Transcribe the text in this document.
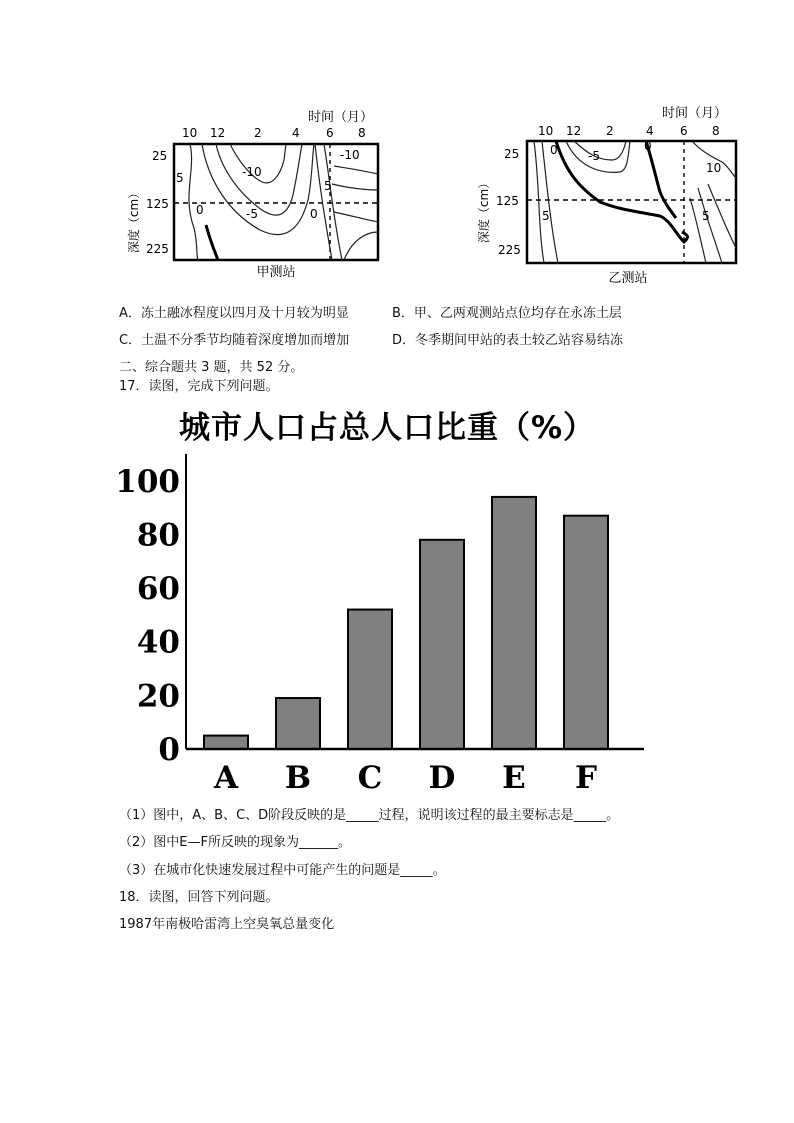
时间（月）
10 12 2	4 6 8
深度（cm）
25
125
225
-10
-10
-5
5
0	0
5
甲测站
时间（月）
10 12 2	4 6 8
深度（cm）
25
125
225
-5
0	0
10
5	5
乙测站
A．冻土融冰程度以四月及十月较为明显	B．甲、乙两观测站点位均存在永冻土层
C．土温不分季节均随着深度增加而增加	D．冬季期间甲站的表土较乙站容易结冻
二、综合题共 3 题，共 52 分。
17．读图，完成下列问题。
城市人口占总人口比重（%）
0
20
40
60
80
100
A B C D E F
（1）图中，A、B、C、D阶段反映的是_____过程，说明该过程的最主要标志是_____。
（2）图中E—F所反映的现象为______。
（3）在城市化快速发展过程中可能产生的问题是_____。
18．读图，回答下列问题。
1987年南极哈雷湾上空臭氧总量变化
